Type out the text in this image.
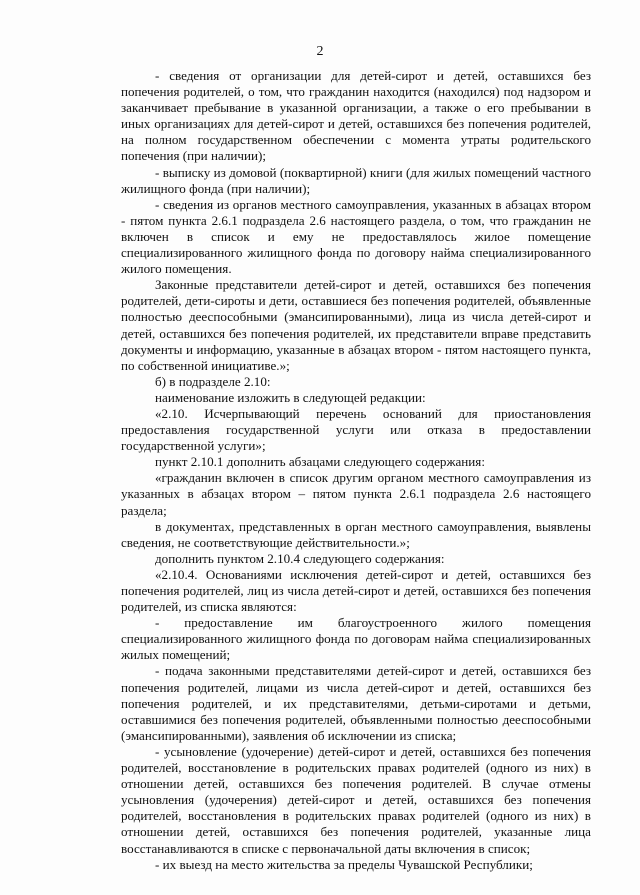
2

- сведения от организации для детей-сирот и детей, оставшихся без попечения родителей, о том, что гражданин находится (находился) под надзором и заканчивает пребывание в указанной организации, а также о его пребывании в иных организациях для детей-сирот и детей, оставшихся без попечения родителей, на полном государственном обеспечении с момента утраты родительского попечения (при наличии);

- выписку из домовой (поквартирной) книги (для жилых помещений частного жилищного фонда (при наличии);

- сведения из органов местного самоуправления, указанных в абзацах втором - пятом пункта 2.6.1 подраздела 2.6 настоящего раздела, о том, что гражданин не включен в список и ему не предоставлялось жилое помещение специализированного жилищного фонда по договору найма специализированного жилого помещения.

Законные представители детей-сирот и детей, оставшихся без попечения родителей, дети-сироты и дети, оставшиеся без попечения родителей, объявленные полностью дееспособными (эмансипированными), лица из числа детей-сирот и детей, оставшихся без попечения родителей, их представители вправе представить документы и информацию, указанные в абзацах втором - пятом настоящего пункта, по собственной инициативе.»;

б) в подразделе 2.10:

наименование изложить в следующей редакции:

«2.10. Исчерпывающий перечень оснований для приостановления предоставления государственной услуги или отказа в предоставлении государственной услуги»;

пункт 2.10.1 дополнить абзацами следующего содержания:

«гражданин включен в список другим органом местного самоуправления из указанных в абзацах втором – пятом пункта 2.6.1 подраздела 2.6 настоящего раздела;

в документах, представленных в орган местного самоуправления, выявлены сведения, не соответствующие действительности.»;

дополнить пунктом 2.10.4 следующего содержания:

«2.10.4. Основаниями исключения детей-сирот и детей, оставшихся без попечения родителей, лиц из числа детей-сирот и детей, оставшихся без попечения родителей, из списка являются:

- предоставление им благоустроенного жилого помещения специализированного жилищного фонда по договорам найма специализированных жилых помещений;

- подача законными представителями детей-сирот и детей, оставшихся без попечения родителей, лицами из числа детей-сирот и детей, оставшихся без попечения родителей, и их представителями, детьми-сиротами и детьми, оставшимися без попечения родителей, объявленными полностью дееспособными (эмансипированными), заявления об исключении из списка;

- усыновление (удочерение) детей-сирот и детей, оставшихся без попечения родителей, восстановление в родительских правах родителей (одного из них) в отношении детей, оставшихся без попечения родителей. В случае отмены усыновления (удочерения) детей-сирот и детей, оставшихся без попечения родителей, восстановления в родительских правах родителей (одного из них) в отношении детей, оставшихся без попечения родителей, указанные лица восстанавливаются в списке с первоначальной даты включения в список;

- их выезд на место жительства за пределы Чувашской Республики;
